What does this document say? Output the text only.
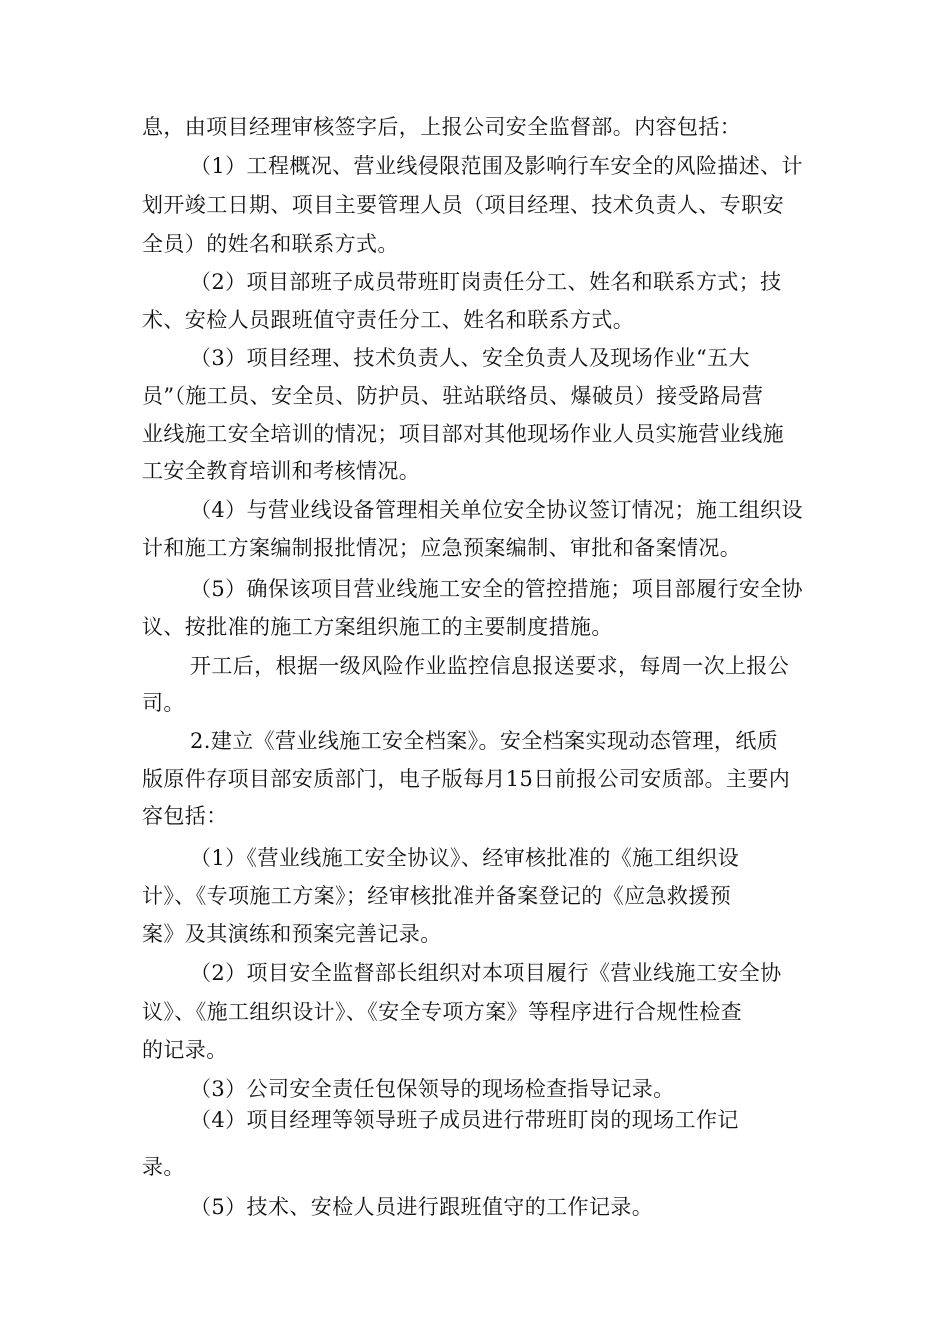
息，由项目经理审核签字后，上报公司安全监督部。内容包括：
（1）工程概况、营业线侵限范围及影响行车安全的风险描述、计
划开竣工日期、项目主要管理人员（项目经理、技术负责人、专职安
全员）的姓名和联系方式。
（2）项目部班子成员带班盯岗责任分工、姓名和联系方式；技
术、安检人员跟班值守责任分工、姓名和联系方式。
（3）项目经理、技术负责人、安全负责人及现场作业“五大
员”（施工员、安全员、防护员、驻站联络员、爆破员）接受路局营
业线施工安全培训的情况；项目部对其他现场作业人员实施营业线施
工安全教育培训和考核情况。
（4）与营业线设备管理相关单位安全协议签订情况；施工组织设
计和施工方案编制报批情况；应急预案编制、审批和备案情况。
（5）确保该项目营业线施工安全的管控措施；项目部履行安全协
议、按批准的施工方案组织施工的主要制度措施。
开工后，根据一级风险作业监控信息报送要求，每周一次上报公
司。
2.建立《营业线施工安全档案》。安全档案实现动态管理，纸质
版原件存项目部安质部门，电子版每月15日前报公司安质部。主要内
容包括：
（1）《营业线施工安全协议》、经审核批准的《施工组织设
计》、《专项施工方案》；经审核批准并备案登记的《应急救援预
案》及其演练和预案完善记录。
（2）项目安全监督部长组织对本项目履行《营业线施工安全协
议》、《施工组织设计》、《安全专项方案》等程序进行合规性检查
的记录。
（3）公司安全责任包保领导的现场检查指导记录。
（4）项目经理等领导班子成员进行带班盯岗的现场工作记
录。
（5）技术、安检人员进行跟班值守的工作记录。
